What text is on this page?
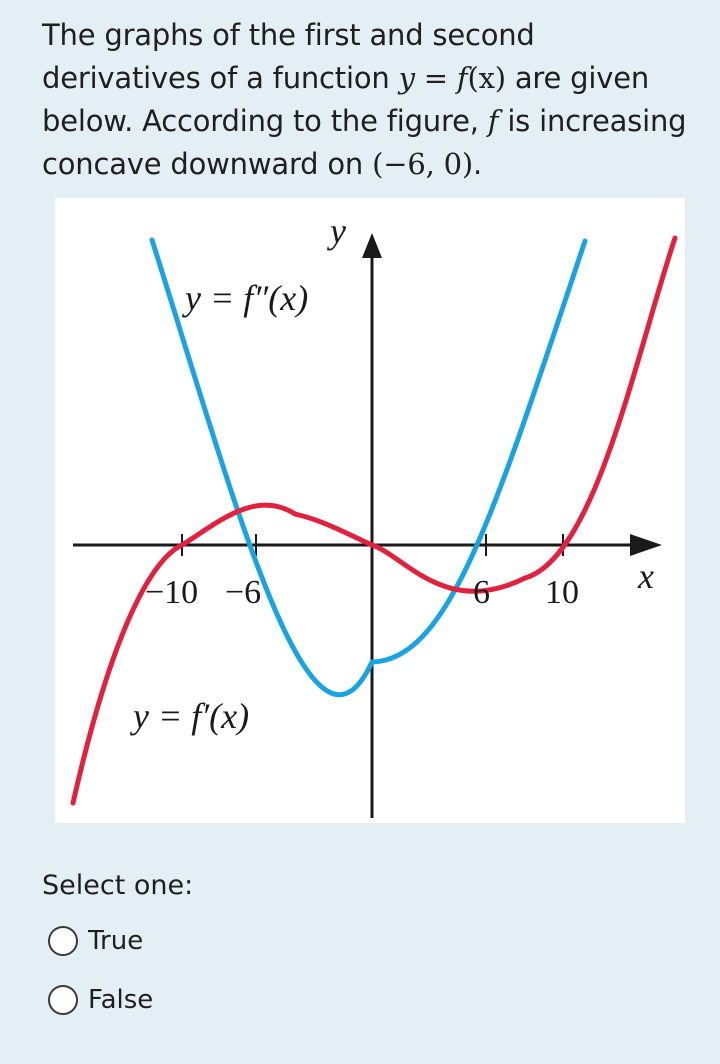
The graphs of the first and second derivatives of a function y = f(x) are given below. According to the figure, f is increasing concave downward on (−6, 0).
y
x
−10 −6	6 10
y = f″(x)
y = f′(x)
Select one:
True
False
